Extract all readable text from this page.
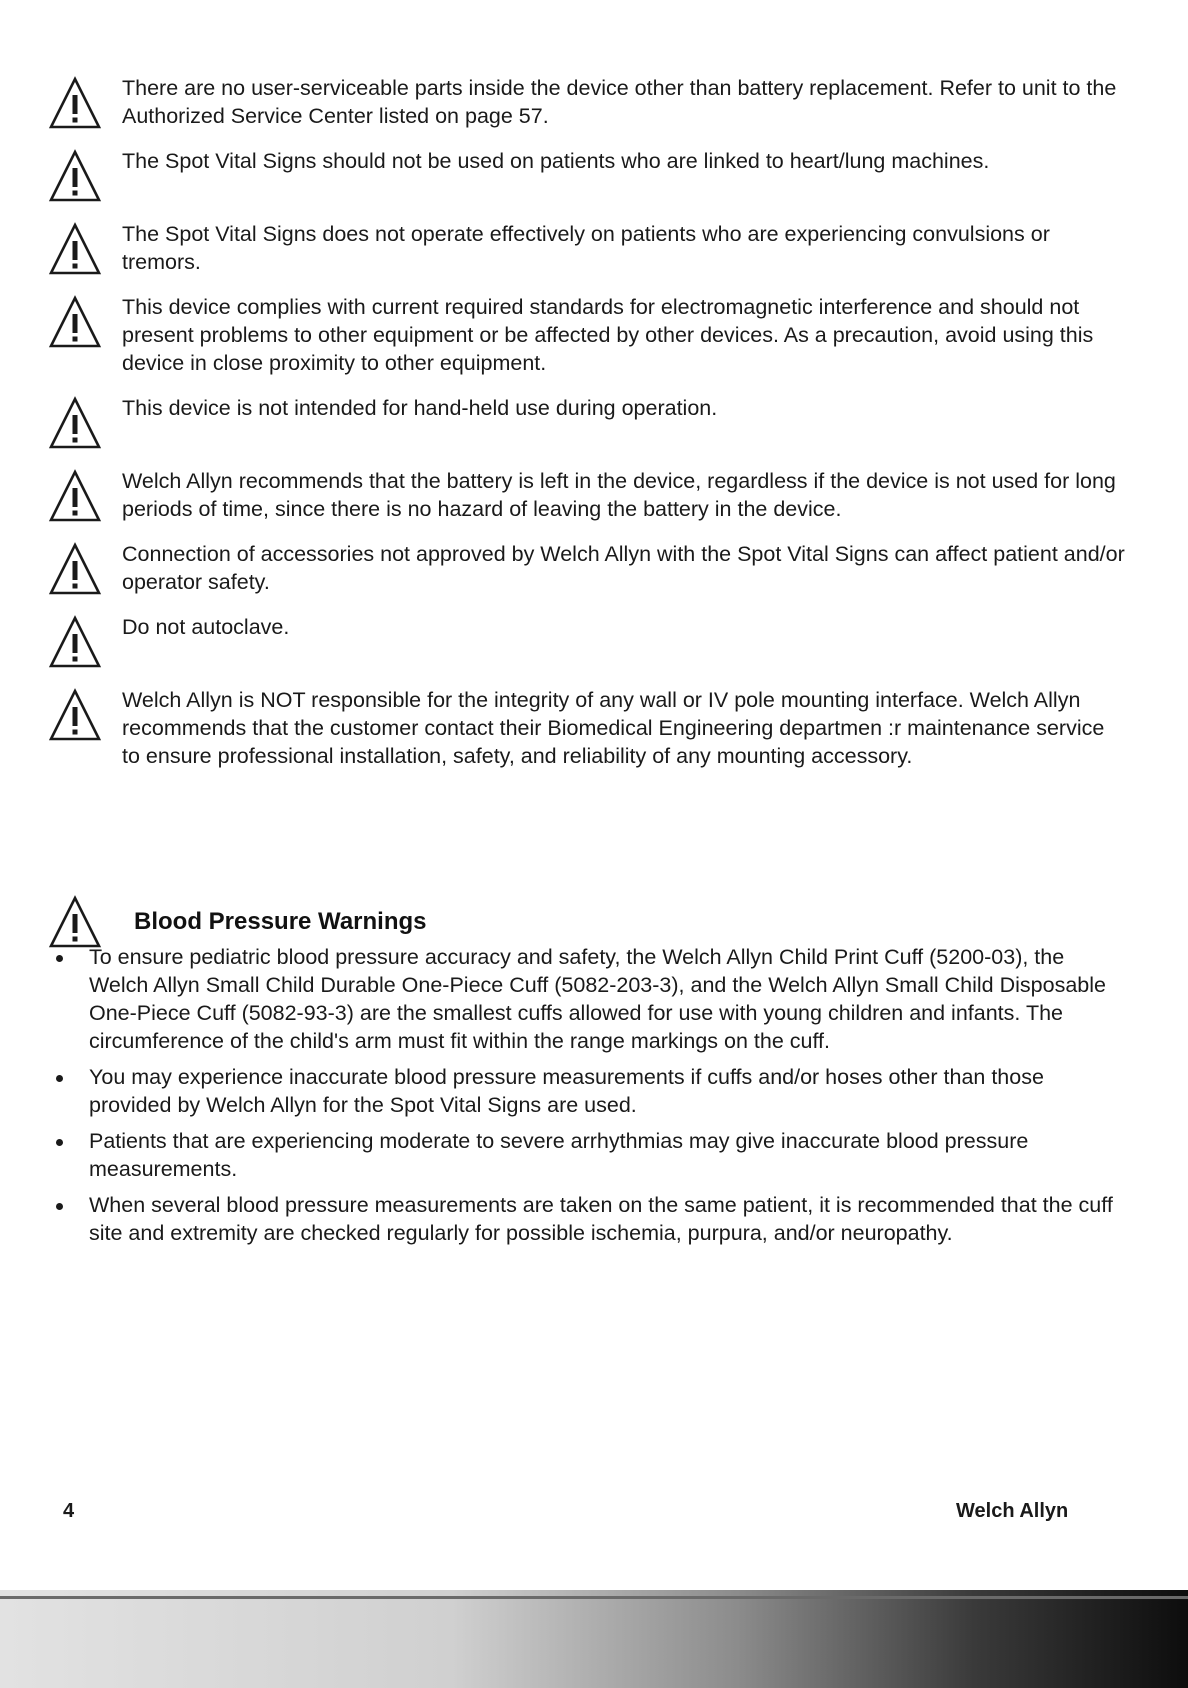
There are no user-serviceable parts inside the device other than battery replacement. Refer to unit to the Authorized Service Center listed on page 57.
The Spot Vital Signs should not be used on patients who are linked to heart/lung machines.
The Spot Vital Signs does not operate effectively on patients who are experiencing convulsions or tremors.
This device complies with current required standards for electromagnetic interference and should not present problems to other equipment or be affected by other devices. As a precaution, avoid using this device in close proximity to other equipment.
This device is not intended for hand-held use during operation.
Welch Allyn recommends that the battery is left in the device, regardless if the device is not used for long periods of time, since there is no hazard of leaving the battery in the device.
Connection of accessories not approved by Welch Allyn with the Spot Vital Signs can affect patient and/or operator safety.
Do not autoclave.
Welch Allyn is NOT responsible for the integrity of any wall or IV pole mounting interface. Welch Allyn recommends that the customer contact their Biomedical Engineering departmen :r maintenance service to ensure professional installation, safety, and reliability of any mounting accessory.
Blood Pressure Warnings
To ensure pediatric blood pressure accuracy and safety, the Welch Allyn Child Print Cuff (5200-03), the Welch Allyn Small Child Durable One-Piece Cuff (5082-203-3), and the Welch Allyn Small Child Disposable One-Piece Cuff (5082-93-3) are the smallest cuffs allowed for use with young children and infants. The circumference of the child's arm must fit within the range markings on the cuff.
You may experience inaccurate blood pressure measurements if cuffs and/or hoses other than those provided by Welch Allyn for the Spot Vital Signs are used.
Patients that are experiencing moderate to severe arrhythmias may give inaccurate blood pressure measurements.
When several blood pressure measurements are taken on the same patient, it is recommended that the cuff site and extremity are checked regularly for possible ischemia, purpura, and/or neuropathy.
4	Welch Allyn
